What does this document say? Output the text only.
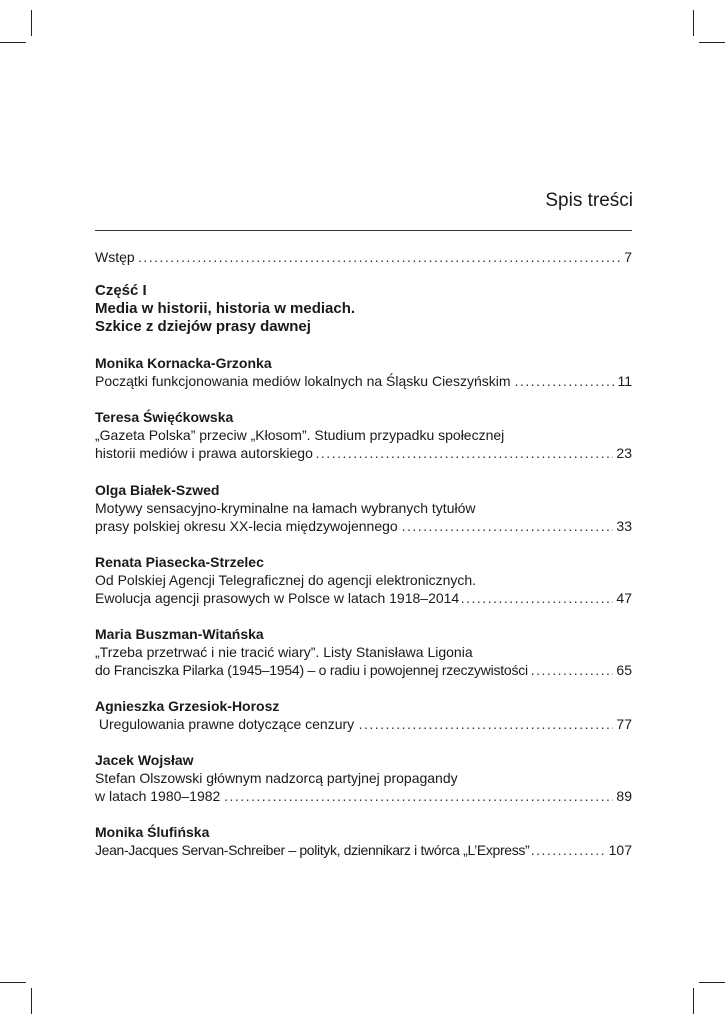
Spis treści
. . . Wstęp	7
Część I
Media w historii, historia w mediach.
Szkice z dziejów prasy dawnej
Monika Kornacka-Grzonka
. . . Początki funkcjonowania mediów lokalnych na Śląsku Cieszyńskim	11
Teresa Święćkowska
„Gazeta Polska” przeciw „Kłosom”. Studium przypadku społecznej
. . . historii mediów i prawa autorskiego	23
Olga Białek-Szwed
Motywy sensacyjno-kryminalne na łamach wybranych tytułów
. . . prasy polskiej okresu XX-lecia międzywojennego	33
Renata Piasecka-Strzelec
Od Polskiej Agencji Telegraficznej do agencji elektronicznych.
. . . Ewolucja agencji prasowych w Polsce w latach 1918–2014	47
Maria Buszman-Witańska
„Trzeba przetrwać i nie tracić wiary”. Listy Stanisława Ligonia
. . . do Franciszka Pilarka (1945–1954) – o radiu i powojennej rzeczywistości	65
Agnieszka Grzesiok-Horosz
. . .  Uregulowania prawne dotyczące cenzury	77
Jacek Wojsław
Stefan Olszowski głównym nadzorcą partyjnej propagandy
. . . w latach 1980–1982	89
Monika Ślufińska
. . . Jean-Jacques Servan-Schreiber – polityk, dziennikarz i twórca „L’Express”	107
